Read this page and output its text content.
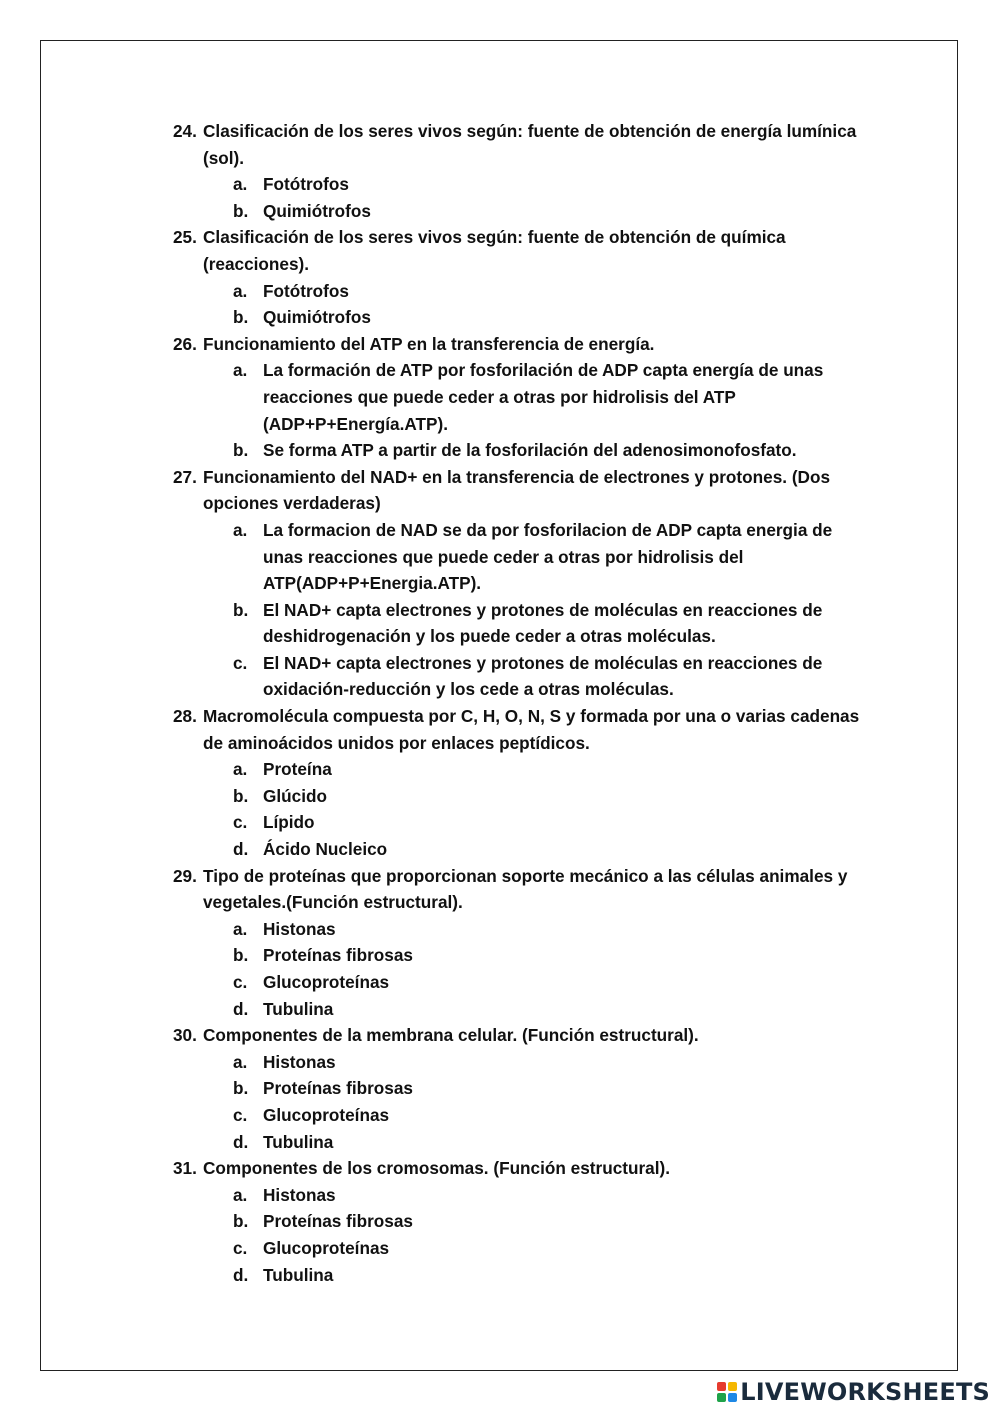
24. Clasificación de los seres vivos según: fuente de obtención de energía lumínica (sol).
a. Fotótrofos
b. Quimiótrofos
25. Clasificación de los seres vivos según: fuente de obtención de química (reacciones).
a. Fotótrofos
b. Quimiótrofos
26. Funcionamiento del ATP en la transferencia de energía.
a. La formación de ATP por fosforilación de ADP capta energía de unas reacciones que puede ceder a otras por hidrolisis del ATP (ADP+P+Energía.ATP).
b. Se forma ATP a partir de la fosforilación del adenosimonofosfato.
27. Funcionamiento del NAD+ en la transferencia de electrones y protones. (Dos opciones verdaderas)
a. La formacion de NAD se da por fosforilacion de ADP capta energia de unas reacciones que puede ceder a otras por hidrolisis del ATP(ADP+P+Energia.ATP).
b. El NAD+ capta electrones y protones de moléculas en reacciones de deshidrogenación y los puede ceder a otras moléculas.
c. El NAD+ capta electrones y protones de moléculas en reacciones de oxidación-reducción y los cede a otras moléculas.
28. Macromolécula compuesta por C, H, O, N, S y formada por una o varias cadenas de aminoácidos unidos por enlaces peptídicos.
a. Proteína
b. Glúcido
c. Lípido
d. Ácido Nucleico
29. Tipo de proteínas que proporcionan soporte mecánico a las células animales y vegetales.(Función estructural).
a. Histonas
b. Proteínas fibrosas
c. Glucoproteínas
d. Tubulina
30. Componentes de la membrana celular. (Función estructural).
a. Histonas
b. Proteínas fibrosas
c. Glucoproteínas
d. Tubulina
31. Componentes de los cromosomas. (Función estructural).
a. Histonas
b. Proteínas fibrosas
c. Glucoproteínas
d. Tubulina
LIVEWORKSHEETS
